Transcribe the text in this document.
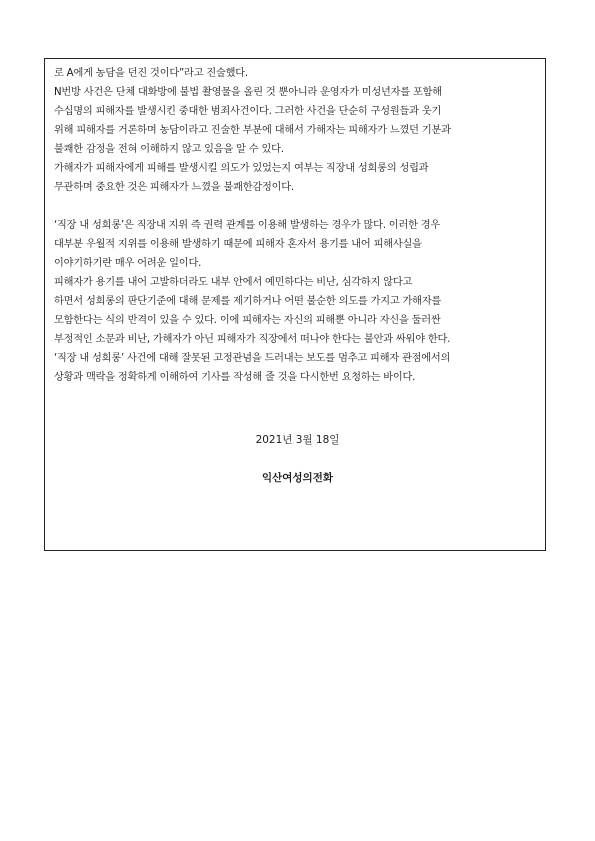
로 A에게 농담을 던진 것이다”라고 진술했다.
N번방 사건은 단체 대화방에 불법 촬영물을 올린 것 뿐아니라 운영자가 미성년자를 포함해
수십명의 피해자를 발생시킨 중대한 범죄사건이다. 그러한 사건을 단순히 구성원들과 웃기
위해 피해자를 거론하며 농담이라고 진술한 부분에 대해서 가해자는 피해자가 느꼈던 기분과
불쾌한 감정을 전혀 이해하지 않고 있음을 알 수 있다.
가해자가 피해자에게 피해를 발생시킬 의도가 있었는지 여부는 직장내 성희롱의 성립과
무관하며 중요한 것은 피해자가 느꼈을 불쾌한감정이다.
‘직장 내 성희롱’은 직장내 지위 즉 권력 관계를 이용해 발생하는 경우가 많다. 이러한 경우
대부분 우월적 지위를 이용해 발생하기 때문에 피해자 혼자서 용기를 내어 피해사실을
이야기하기란 매우 어려운 일이다.
피해자가 용기를 내어 고발하더라도 내부 안에서 예민하다는 비난, 심각하지 않다고
하면서 성희롱의 판단기준에 대해 문제를 제기하거나 어떤 불순한 의도를 가지고 가해자를
모함한다는 식의 반격이 있을 수 있다. 이에 피해자는 자신의 피해뿐 아니라 자신을 둘러싼
부정적인 소문과 비난, 가해자가 아닌 피해자가 직장에서 떠나야 한다는 불안과 싸워야 한다.
‘직장 내 성희롱’ 사건에 대해 잘못된 고정관념을 드러내는 보도를 멈추고 피해자 관점에서의
상황과 맥락을 정확하게 이해하여 기사를 작성해 줄 것을 다시한번 요청하는 바이다.
2021년 3월 18일
익산여성의전화
